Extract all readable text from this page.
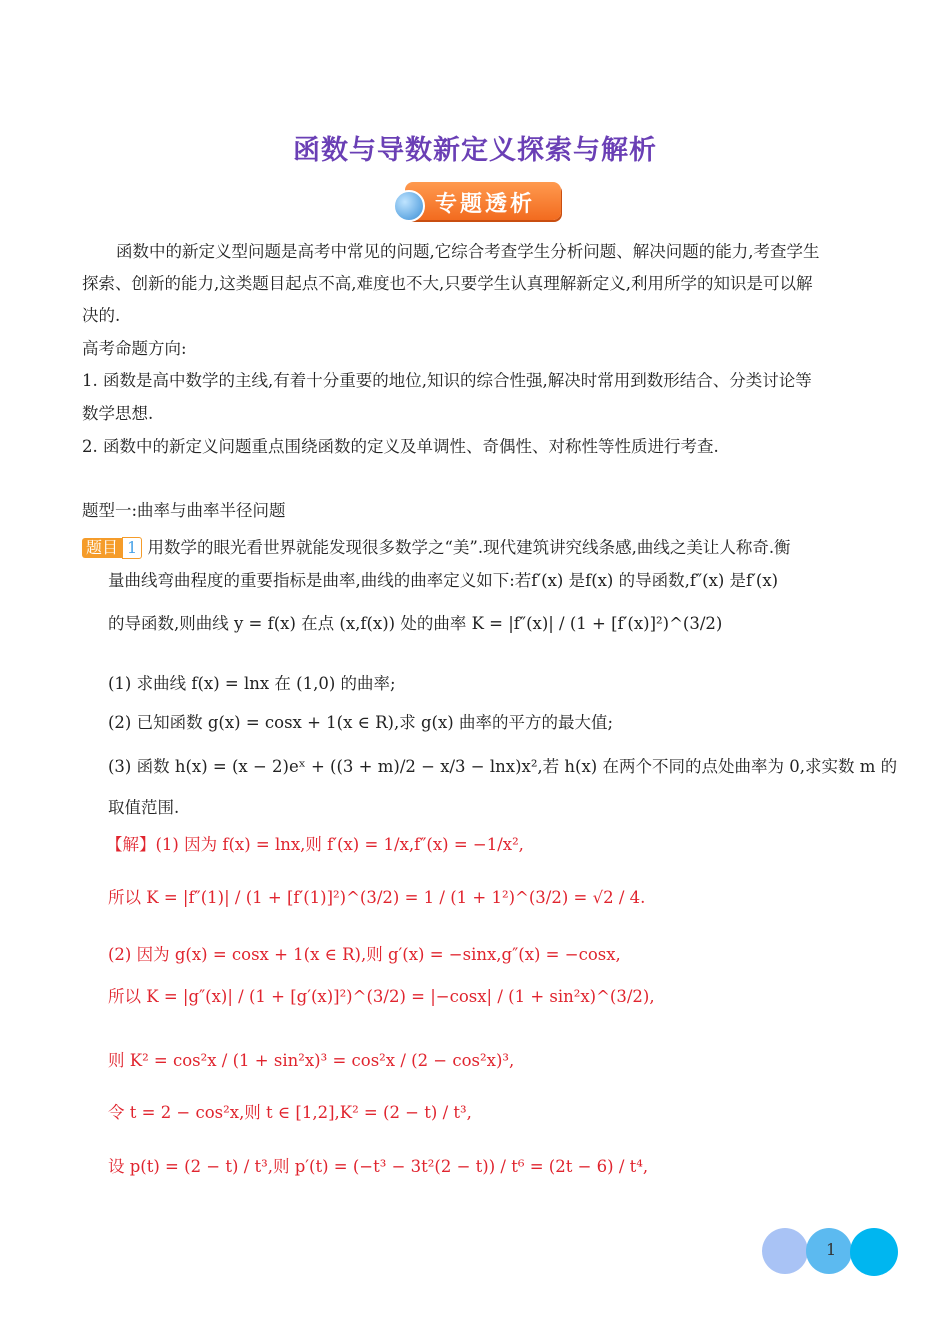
函数与导数新定义探索与解析
专题透析
函数中的新定义型问题是高考中常见的问题,它综合考查学生分析问题、解决问题的能力,考查学生
探索、创新的能力,这类题目起点不高,难度也不大,只要学生认真理解新定义,利用所学的知识是可以解
决的.
高考命题方向:
1. 函数是高中数学的主线,有着十分重要的地位,知识的综合性强,解决时常用到数形结合、分类讨论等
数学思想.
2. 函数中的新定义问题重点围绕函数的定义及单调性、奇偶性、对称性等性质进行考查.
题型一:曲率与曲率半径问题
题目 1 用数学的眼光看世界就能发现很多数学之“美”.现代建筑讲究线条感,曲线之美让人称奇.衡
量曲线弯曲程度的重要指标是曲率,曲线的曲率定义如下:若f′(x) 是f(x) 的导函数,f″(x) 是f′(x)
的导函数,则曲线 y = f(x) 在点 (x,f(x)) 处的曲率 K = |f″(x)| / (1 + [f′(x)]²)^(3/2)
(1) 求曲线 f(x) = lnx 在 (1,0) 的曲率;
(2) 已知函数 g(x) = cosx + 1(x ∈ R),求 g(x) 曲率的平方的最大值;
(3) 函数 h(x) = (x − 2)eˣ + ((3 + m)/2 − x/3 − lnx)x²,若 h(x) 在两个不同的点处曲率为 0,求实数 m 的
取值范围.
【解】(1) 因为 f(x) = lnx,则 f′(x) = 1/x,f″(x) = −1/x²,
所以 K = |f″(1)| / (1 + [f′(1)]²)^(3/2) = 1 / (1 + 1²)^(3/2) = √2 / 4.
(2) 因为 g(x) = cosx + 1(x ∈ R),则 g′(x) = −sinx,g″(x) = −cosx,
所以 K = |g″(x)| / (1 + [g′(x)]²)^(3/2) = |−cosx| / (1 + sin²x)^(3/2),
则 K² = cos²x / (1 + sin²x)³ = cos²x / (2 − cos²x)³,
令 t = 2 − cos²x,则 t ∈ [1,2],K² = (2 − t) / t³,
设 p(t) = (2 − t) / t³,则 p′(t) = (−t³ − 3t²(2 − t)) / t⁶ = (2t − 6) / t⁴,
1
